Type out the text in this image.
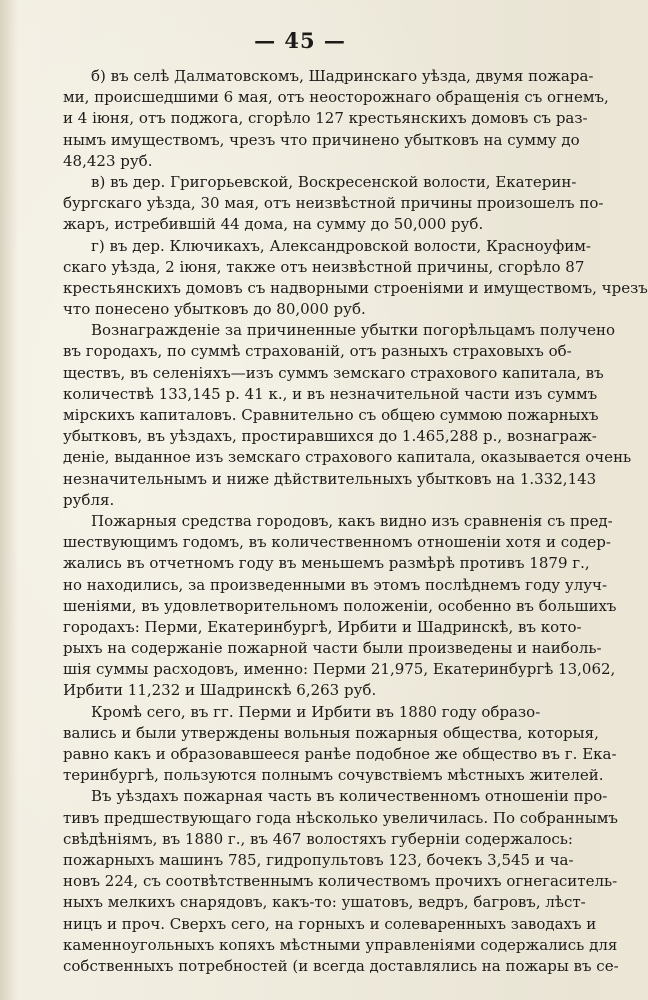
— 45 —
б) въ селѣ Далматовскомъ, Шадринскаго уѣзда, двумя пожара-
ми, происшедшими 6 мая, отъ неосторожнаго обращенія съ огнемъ,
и 4 іюня, отъ поджога, сгорѣло 127 крестьянскихъ домовъ съ раз-
нымъ имуществомъ, чрезъ что причинено убытковъ на сумму до
48,423 руб.
в) въ дер. Григорьевской, Воскресенской волости, Екатерин-
бургскаго уѣзда, 30 мая, отъ неизвѣстной причины произошелъ по-
жаръ, истребившій 44 дома, на сумму до 50,000 руб.
г) въ дер. Ключикахъ, Александровской волости, Красноуфим-
скаго уѣзда, 2 іюня, также отъ неизвѣстной причины, сгорѣло 87
крестьянскихъ домовъ съ надворными строеніями и имуществомъ, чрезъ
что понесено убытковъ до 80,000 руб.
Вознагражденіе за причиненные убытки погорѣльцамъ получено
въ городахъ, по суммѣ страхованій, отъ разныхъ страховыхъ об-
ществъ, въ селеніяхъ—изъ суммъ земскаго страхового капитала, въ
количествѣ 133,145 р. 41 к., и въ незначительной части изъ суммъ
мірскихъ капиталовъ. Сравнительно съ общею суммою пожарныхъ
убытковъ, въ уѣздахъ, простиравшихся до 1.465,288 р., вознаграж-
деніе, выданное изъ земскаго страхового капитала, оказывается очень
незначительнымъ и ниже дѣйствительныхъ убытковъ на 1.332,143
рубля.
Пожарныя средства городовъ, какъ видно изъ сравненія съ пред-
шествующимъ годомъ, въ количественномъ отношеніи хотя и содер-
жались въ отчетномъ году въ меньшемъ размѣрѣ противъ 1879 г.,
но находились, за произведенными въ этомъ послѣднемъ году улуч-
шеніями, въ удовлетворительномъ положеніи, особенно въ большихъ
городахъ: Перми, Екатеринбургѣ, Ирбити и Шадринскѣ, въ кото-
рыхъ на содержаніе пожарной части были произведены и наиболь-
шія суммы расходовъ, именно: Перми 21,975, Екатеринбургѣ 13,062,
Ирбити 11,232 и Шадринскѣ 6,263 руб.
Кромѣ сего, въ гг. Перми и Ирбити въ 1880 году образо-
вались и были утверждены вольныя пожарныя общества, которыя,
равно какъ и образовавшееся ранѣе подобное же общество въ г. Ека-
теринбургѣ, пользуются полнымъ сочувствіемъ мѣстныхъ жителей.
Въ уѣздахъ пожарная часть въ количественномъ отношеніи про-
тивъ предшествующаго года нѣсколько увеличилась. По собраннымъ
свѣдѣніямъ, въ 1880 г., въ 467 волостяхъ губерніи содержалось:
пожарныхъ машинъ 785, гидропультовъ 123, бочекъ 3,545 и ча-
новъ 224, съ соотвѣтственнымъ количествомъ прочихъ огнегаситель-
ныхъ мелкихъ снарядовъ, какъ-то: ушатовъ, ведръ, багровъ, лѣст-
ницъ и проч. Сверхъ сего, на горныхъ и солеваренныхъ заводахъ и
каменноугольныхъ копяхъ мѣстными управленіями содержались для
собственныхъ потребностей (и всегда доставлялись на пожары въ се-
